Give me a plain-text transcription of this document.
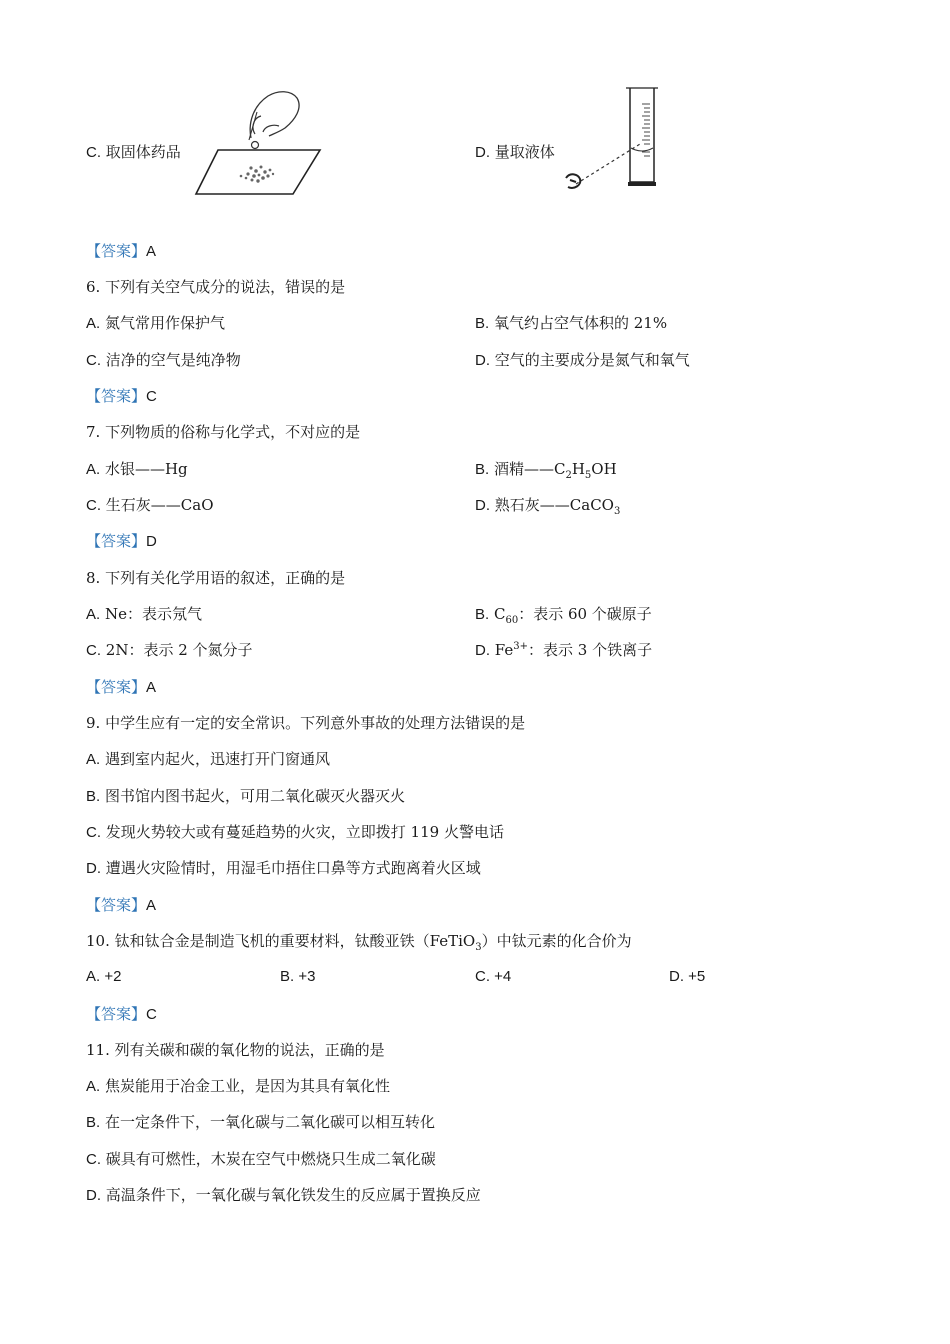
C. 取固体药品	D. 量取液体
【答案】A
6. 下列有关空气成分的说法，错误的是
A. 氮气常用作保护气	B. 氧气约占空气体积的 21%
C. 洁净的空气是纯净物	D. 空气的主要成分是氮气和氧气
【答案】C
7. 下列物质的俗称与化学式，不对应的是
A. 水银——Hg	B. 酒精$——C_2H_5OH$
C. 生石灰——CaO	D. 熟石灰——CaCO$_3$
【答案】D
8. 下列有关化学用语的叙述，正确的是
A. Ne：表示氖气	B. $C_{60}$：表示 60 个碳原子
C. 2N：表示 2 个氮分子	D. $Fe^{3+}$：表示 3 个铁离子
【答案】A
9. 中学生应有一定的安全常识。下列意外事故的处理方法错误的是
A. 遇到室内起火，迅速打开门窗通风
B. 图书馆内图书起火，可用二氧化碳灭火器灭火
C. 发现火势较大或有蔓延趋势的火灾，立即拨打 119 火警电话
D. 遭遇火灾险情时，用湿毛巾捂住口鼻等方式跑离着火区域
【答案】A
10. 钛和钛合金是制造飞机的重要材料，钛酸亚铁（FeTiO$_3$）中钛元素的化合价为
A. +2	B. +3	C. +4	D. +5
【答案】C
11. 列有关碳和碳的氧化物的说法，正确的是
A. 焦炭能用于冶金工业，是因为其具有氧化性
B. 在一定条件下，一氧化碳与二氧化碳可以相互转化
C. 碳具有可燃性，木炭在空气中燃烧只生成二氧化碳
D. 高温条件下，一氧化碳与氧化铁发生的反应属于置换反应
